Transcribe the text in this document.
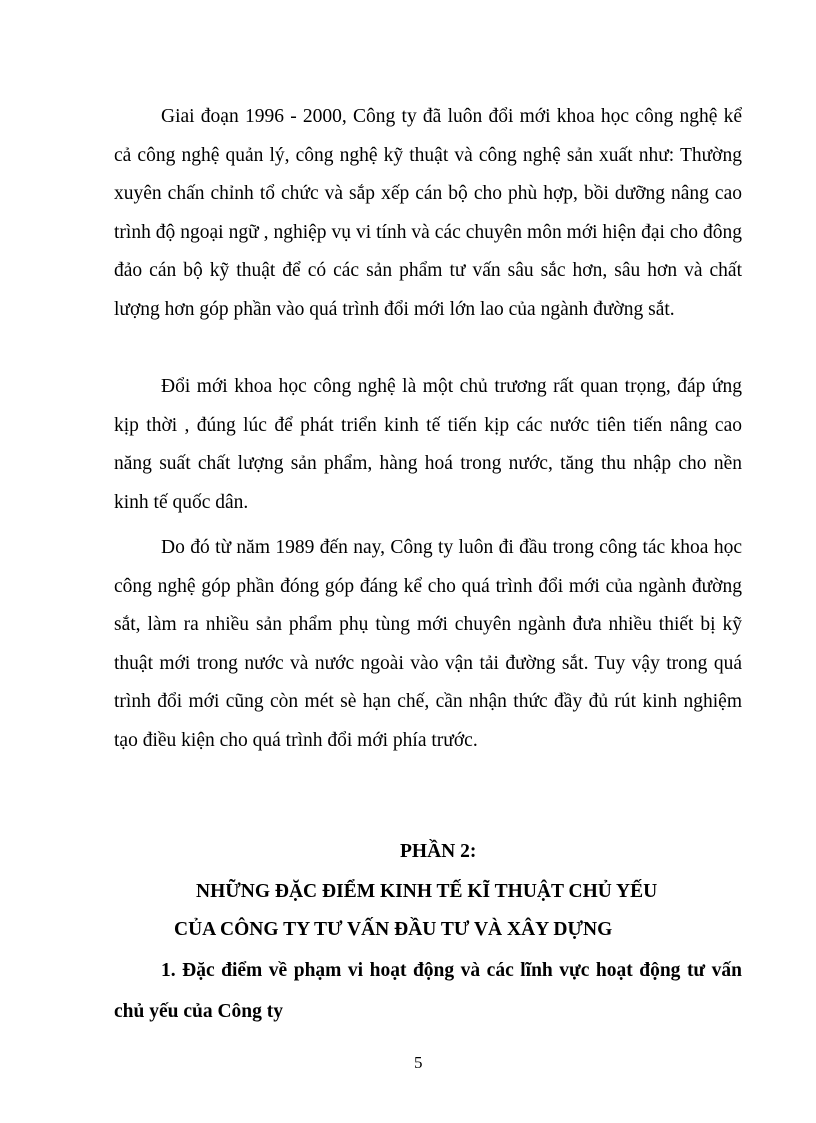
Giai đoạn 1996 - 2000, Công ty đã luôn đổi mới khoa học công nghệ kể cả công nghệ quản lý, công nghệ kỹ thuật và công nghệ sản xuất như: Thường xuyên chấn chỉnh tổ chức và sắp xếp cán bộ cho phù hợp, bồi dưỡng nâng cao trình độ ngoại ngữ , nghiệp vụ vi tính và các chuyên môn mới hiện đại cho đông đảo cán bộ kỹ thuật để có các sản phẩm tư vấn sâu sắc hơn, sâu hơn và chất lượng hơn góp phần vào quá trình đổi mới lớn lao của ngành đường sắt.

Đổi mới khoa học công nghệ là một chủ trương rất quan trọng, đáp ứng kịp thời , đúng lúc để phát triển kinh tế tiến kịp các nước tiên tiến nâng cao năng suất chất lượng sản phẩm, hàng hoá trong nước, tăng thu nhập cho nền kinh tế quốc dân.

Do đó từ năm 1989 đến nay, Công ty luôn đi đầu trong công tác khoa học công nghệ góp phần đóng góp đáng kể cho quá trình đổi mới của ngành đường sắt, làm ra nhiều sản phẩm phụ tùng mới chuyên ngành đưa nhiều thiết bị kỹ thuật mới trong nước và nước ngoài vào vận tải đường sắt. Tuy vậy trong quá trình đổi mới cũng còn mét sè hạn chế, cần nhận thức đầy đủ rút kinh nghiệm tạo điều kiện cho quá trình đổi mới phía trước.

PHẦN 2:

NHỮNG ĐẶC ĐIỂM KINH TẾ KĨ THUẬT CHỦ YẾU

CỦA CÔNG TY TƯ VẤN ĐẦU TƯ VÀ XÂY DỰNG

1. Đặc điểm về phạm vi hoạt động và các lĩnh vực hoạt động tư vấn chủ yếu của Công ty

5
